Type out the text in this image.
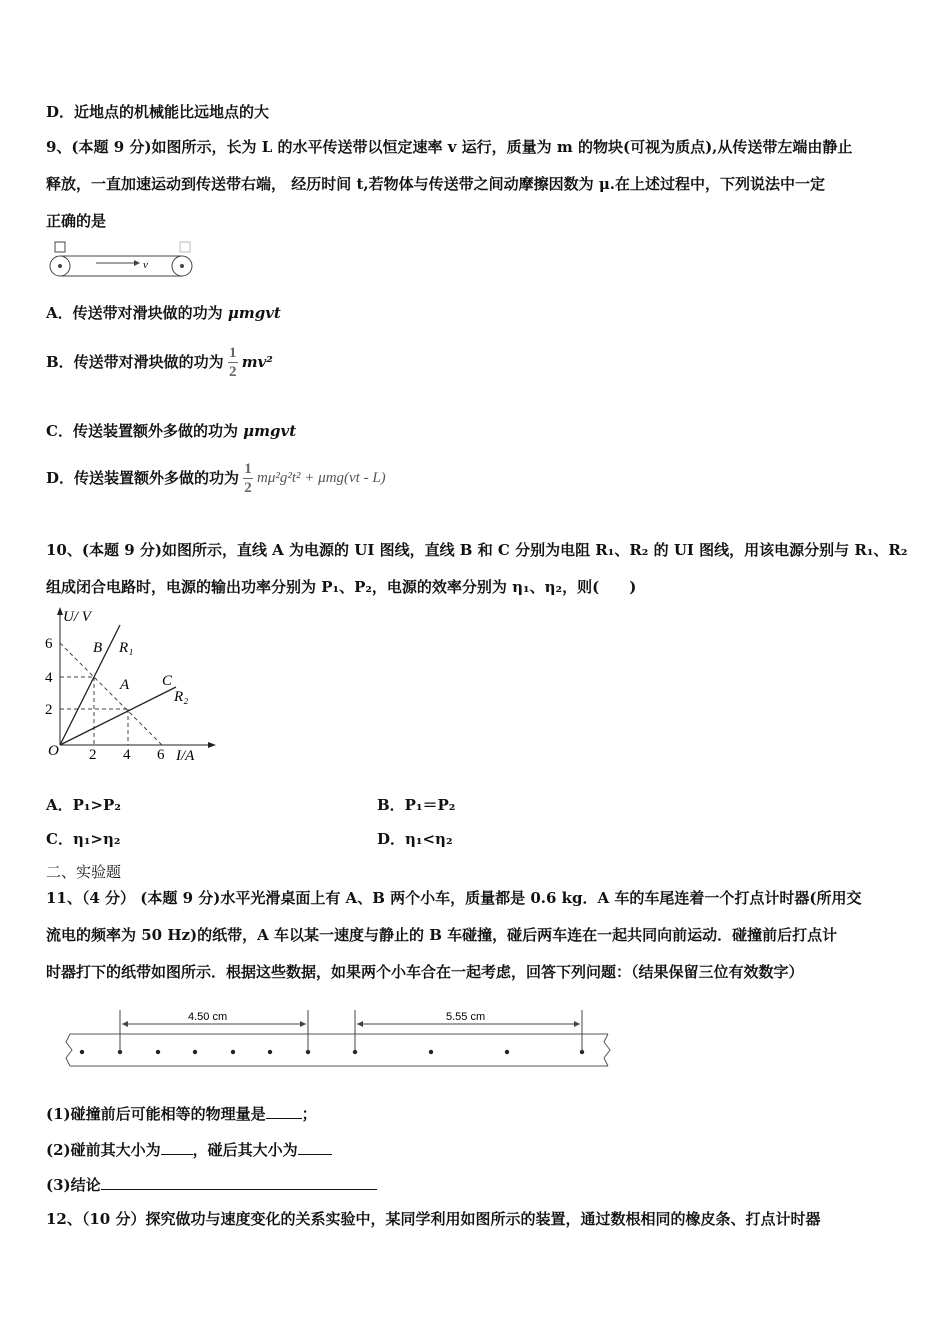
D．近地点的机械能比远地点的大
9、(本题 9 分)如图所示，长为 L 的水平传送带以恒定速率 v 运行，质量为 m 的物块(可视为质点),从传送带左端由静止
释放，一直加速运动到传送带右端， 经历时间 t,若物体与传送带之间动摩擦因数为 μ.在上述过程中，下列说法中一定
正确的是
v
A．传送带对滑块做的功为 μmgvt
B．传送带对滑块做的功为 $\frac{1}{2} mv^2$
C．传送装置额外多做的功为 μmgvt
D．传送装置额外多做的功为 $\frac{1}{2} m\mu^2g^2t^2 + \mu mg(vt - L)$
10、(本题 9 分)如图所示，直线 A 为电源的 UI 图线，直线 B 和 C 分别为电阻 R₁、R₂ 的 UI 图线，用该电源分别与 R₁、R₂
组成闭合电路时，电源的输出功率分别为 P₁、P₂，电源的效率分别为 η₁、η₂，则(　　)
U/ V
I/A
O
6
4
2
2 4 6
B R₁
A C
R₂
A．P₁>P₂	B．P₁＝P₂
C．η₁>η₂	D．η₁<η₂
二、实验题
11、（4 分） (本题 9 分)水平光滑桌面上有 A、B 两个小车，质量都是 0.6 kg．A 车的车尾连着一个打点计时器(所用交
流电的频率为 50 Hz)的纸带，A 车以某一速度与静止的 B 车碰撞，碰后两车连在一起共同向前运动．碰撞前后打点计
时器打下的纸带如图所示．根据这些数据，如果两个小车合在一起考虑，回答下列问题：（结果保留三位有效数字）
4.50 cm	5.55 cm
(1)碰撞前后可能相等的物理量是 ；
(2)碰前其大小为 ，碰后其大小为
(3)结论
12、（10 分）探究做功与速度变化的关系实验中，某同学利用如图所示的装置，通过数根相同的橡皮条、打点计时器
